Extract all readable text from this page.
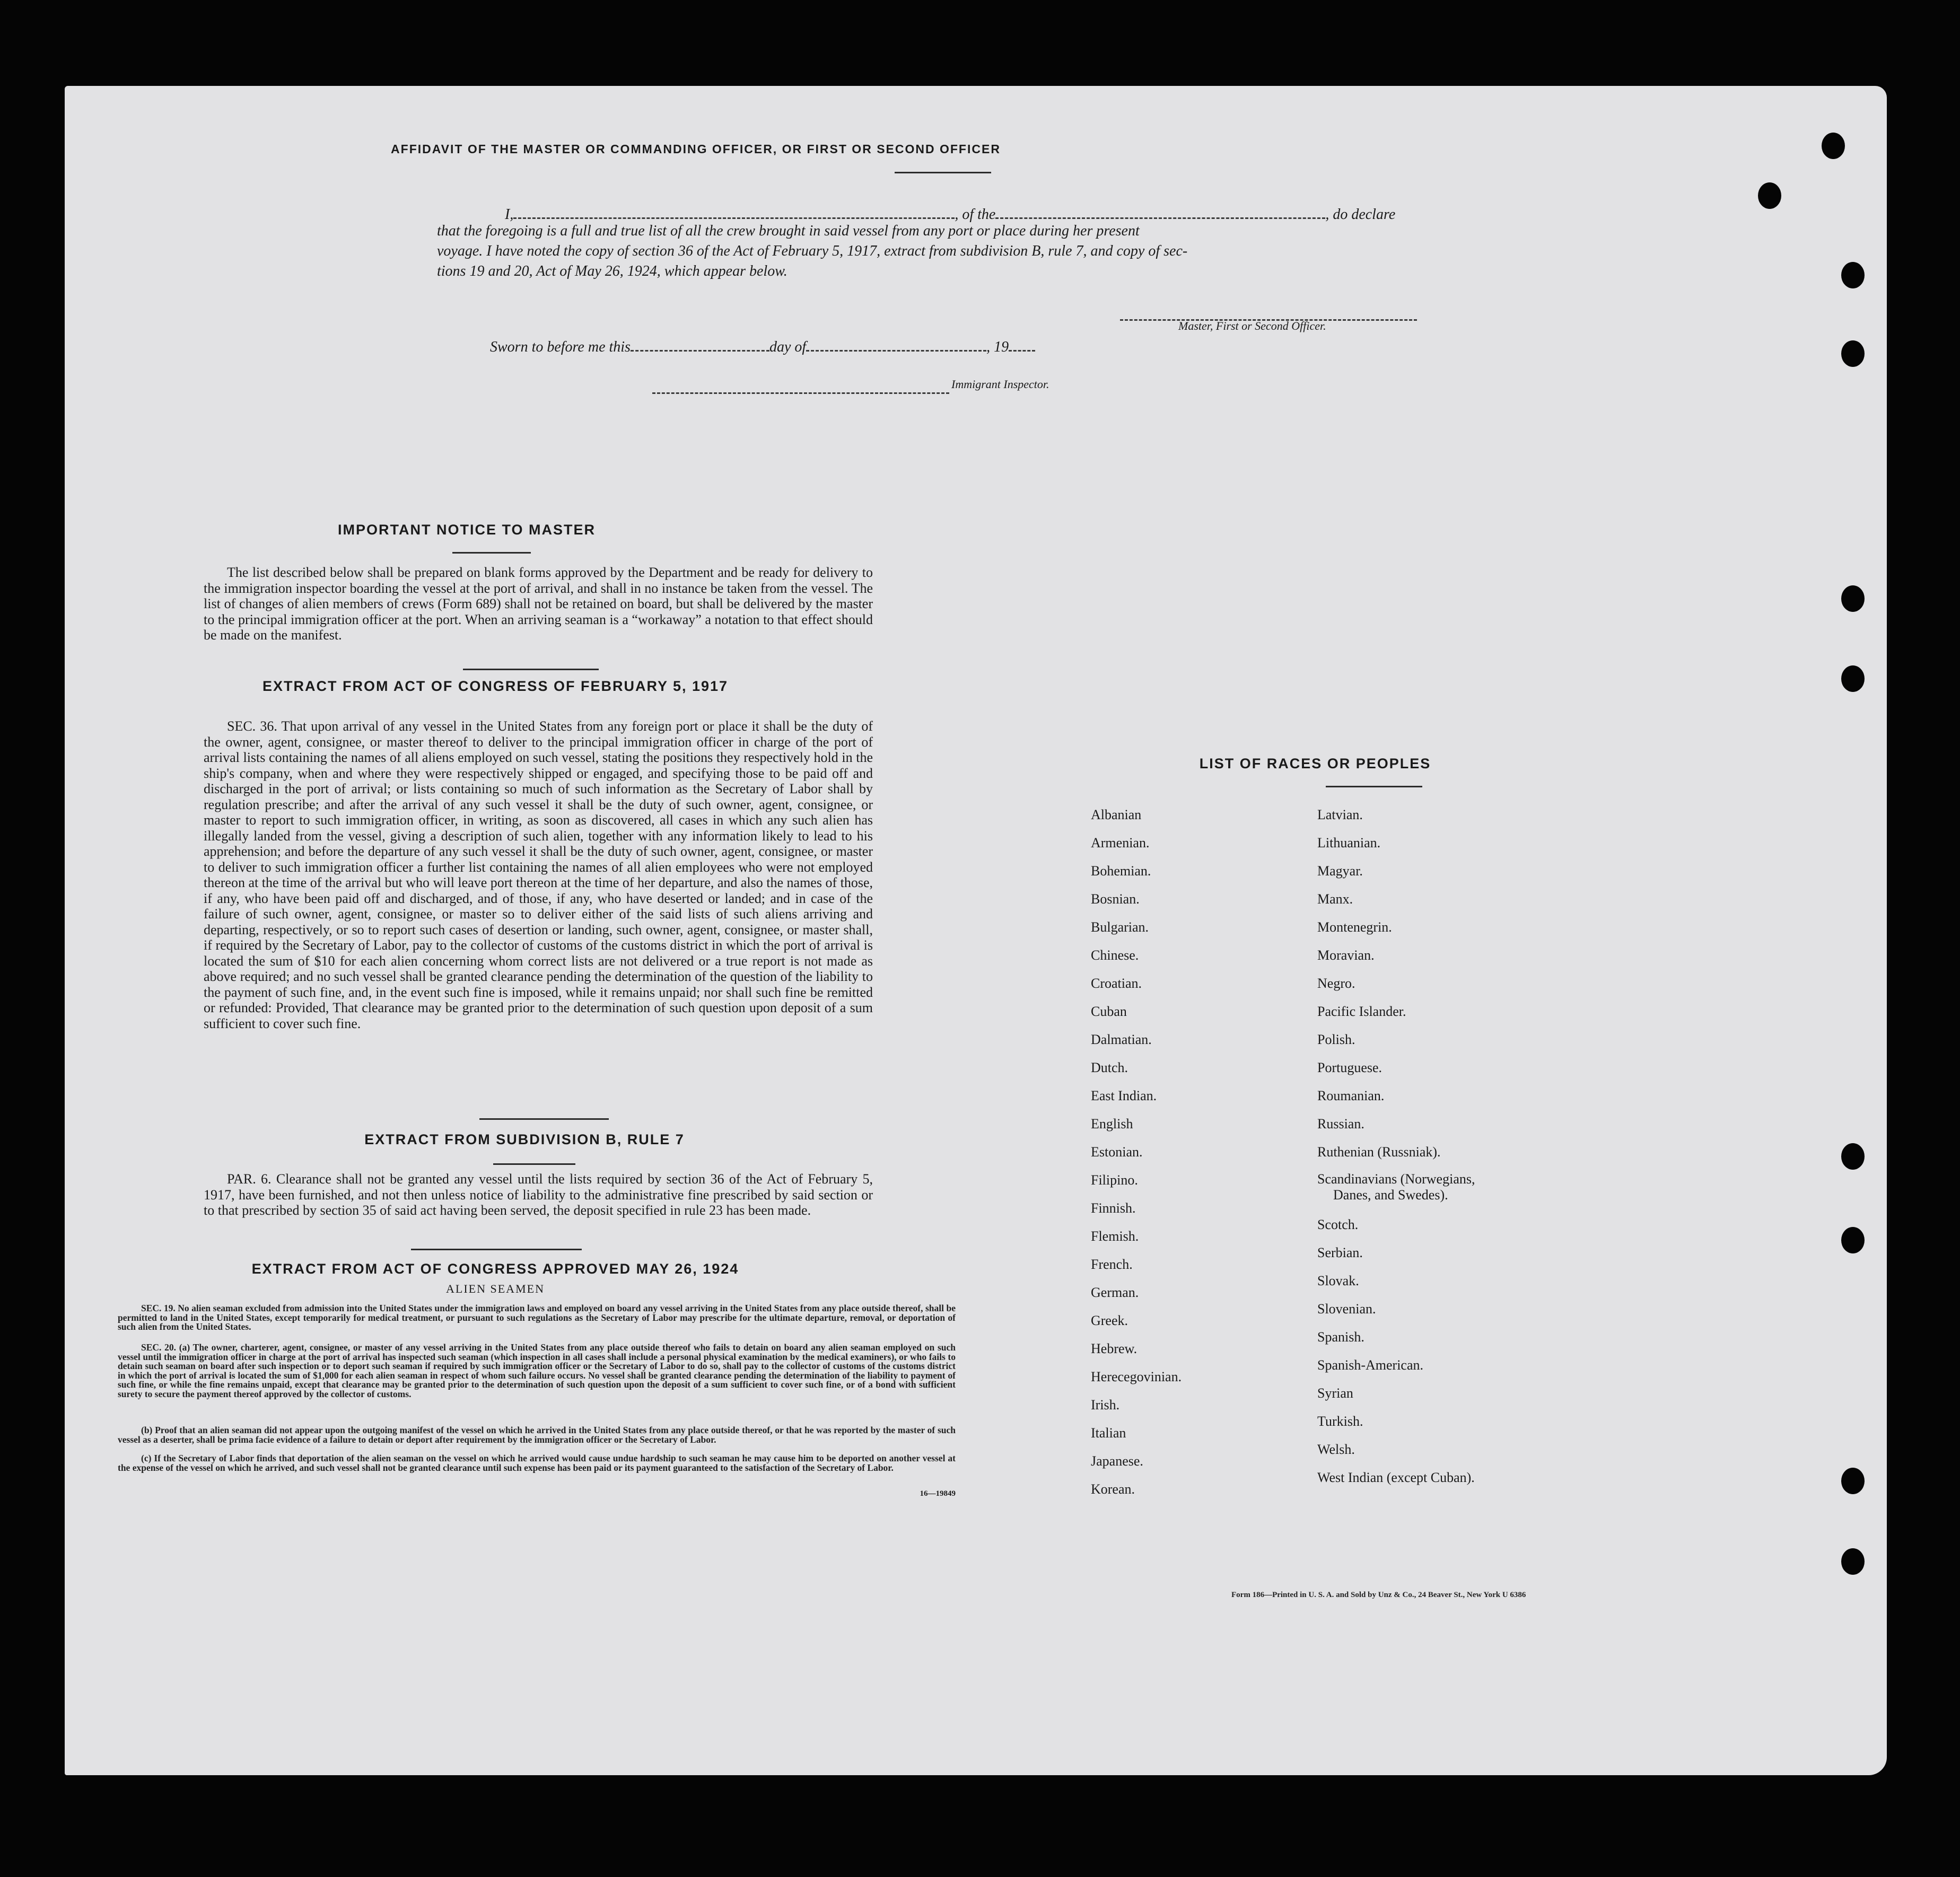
AFFIDAVIT OF THE MASTER OR COMMANDING OFFICER, OR FIRST OR SECOND OFFICER
I,	, of the	, do declare
that the foregoing is a full and true list of all the crew brought in said vessel from any port or place during her present
voyage. I have noted the copy of section 36 of the Act of February 5, 1917, extract from subdivision B, rule 7, and copy of sec-
tions 19 and 20, Act of May 26, 1924, which appear below.
Master, First or Second Officer.
Sworn to before me this	day of	, 19
Immigrant Inspector.
IMPORTANT NOTICE TO MASTER
The list described below shall be prepared on blank forms approved by the Department and be ready for delivery to the immigration inspector boarding the vessel at the port of arrival, and shall in no instance be taken from the vessel. The list of changes of alien members of crews (Form 689) shall not be retained on board, but shall be delivered by the master to the principal immigration officer at the port. When an arriving seaman is a “workaway” a notation to that effect should be made on the manifest.
EXTRACT FROM ACT OF CONGRESS OF FEBRUARY 5, 1917
SEC. 36. That upon arrival of any vessel in the United States from any foreign port or place it shall be the duty of the owner, agent, consignee, or master thereof to deliver to the principal immigration officer in charge of the port of arrival lists containing the names of all aliens employed on such vessel, stating the positions they respectively hold in the ship's company, when and where they were respectively shipped or engaged, and specifying those to be paid off and discharged in the port of arrival; or lists containing so much of such information as the Secretary of Labor shall by regulation prescribe; and after the arrival of any such vessel it shall be the duty of such owner, agent, consignee, or master to report to such immigration officer, in writing, as soon as discovered, all cases in which any such alien has illegally landed from the vessel, giving a description of such alien, together with any information likely to lead to his apprehension; and before the departure of any such vessel it shall be the duty of such owner, agent, consignee, or master to deliver to such immigration officer a further list containing the names of all alien employees who were not employed thereon at the time of the arrival but who will leave port thereon at the time of her departure, and also the names of those, if any, who have been paid off and discharged, and of those, if any, who have deserted or landed; and in case of the failure of such owner, agent, consignee, or master so to deliver either of the said lists of such aliens arriving and departing, respectively, or so to report such cases of desertion or landing, such owner, agent, consignee, or master shall, if required by the Secretary of Labor, pay to the collector of customs of the customs district in which the port of arrival is located the sum of $10 for each alien concerning whom correct lists are not delivered or a true report is not made as above required; and no such vessel shall be granted clearance pending the determination of the question of the liability to the payment of such fine, and, in the event such fine is imposed, while it remains unpaid; nor shall such fine be remitted or refunded: Provided, That clearance may be granted prior to the determination of such question upon deposit of a sum sufficient to cover such fine.
EXTRACT FROM SUBDIVISION B, RULE 7
PAR. 6. Clearance shall not be granted any vessel until the lists required by section 36 of the Act of February 5, 1917, have been furnished, and not then unless notice of liability to the administrative fine prescribed by said section or to that prescribed by section 35 of said act having been served, the deposit specified in rule 23 has been made.
EXTRACT FROM ACT OF CONGRESS APPROVED MAY 26, 1924
ALIEN SEAMEN
SEC. 19. No alien seaman excluded from admission into the United States under the immigration laws and employed on board any vessel arriving in the United States from any place outside thereof, shall be permitted to land in the United States, except temporarily for medical treatment, or pursuant to such regulations as the Secretary of Labor may prescribe for the ultimate departure, removal, or deportation of such alien from the United States.
SEC. 20. (a) The owner, charterer, agent, consignee, or master of any vessel arriving in the United States from any place outside thereof who fails to detain on board any alien seaman employed on such vessel until the immigration officer in charge at the port of arrival has inspected such seaman (which inspection in all cases shall include a personal physical examination by the medical examiners), or who fails to detain such seaman on board after such inspection or to deport such seaman if required by such immigration officer or the Secretary of Labor to do so, shall pay to the collector of customs of the customs district in which the port of arrival is located the sum of $1,000 for each alien seaman in respect of whom such failure occurs. No vessel shall be granted clearance pending the determination of the liability to payment of such fine, or while the fine remains unpaid, except that clearance may be granted prior to the determination of such question upon the deposit of a sum sufficient to cover such fine, or of a bond with sufficient surety to secure the payment thereof approved by the collector of customs.
(b) Proof that an alien seaman did not appear upon the outgoing manifest of the vessel on which he arrived in the United States from any place outside thereof, or that he was reported by the master of such vessel as a deserter, shall be prima facie evidence of a failure to detain or deport after requirement by the immigration officer or the Secretary of Labor.
(c) If the Secretary of Labor finds that deportation of the alien seaman on the vessel on which he arrived would cause undue hardship to such seaman he may cause him to be deported on another vessel at the expense of the vessel on which he arrived, and such vessel shall not be granted clearance until such expense has been paid or its payment guaranteed to the satisfaction of the Secretary of Labor.
16—19849
LIST OF RACES OR PEOPLES
Albanian
Armenian.
Bohemian.
Bosnian.
Bulgarian.
Chinese.
Croatian.
Cuban
Dalmatian.
Dutch.
East Indian.
English
Estonian.
Filipino.
Finnish.
Flemish.
French.
German.
Greek.
Hebrew.
Herecegovinian.
Irish.
Italian
Japanese.
Korean.
Latvian.
Lithuanian.
Magyar.
Manx.
Montenegrin.
Moravian.
Negro.
Pacific Islander.
Polish.
Portuguese.
Roumanian.
Russian.
Ruthenian (Russniak).
Scandinavians (Norwegians,
Danes, and Swedes).
Scotch.
Serbian.
Slovak.
Slovenian.
Spanish.
Spanish-American.
Syrian
Turkish.
Welsh.
West Indian (except Cuban).
Form 186—Printed in U. S. A. and Sold by Unz & Co., 24 Beaver St., New York U 6386
